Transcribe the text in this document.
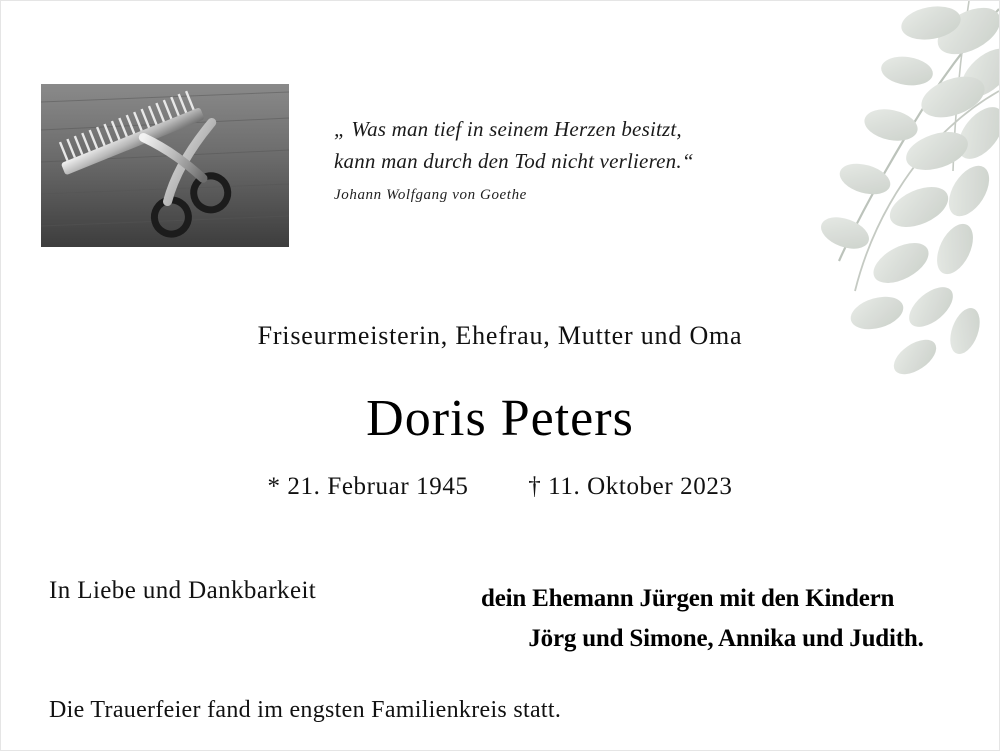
„ Was man tief in seinem Herzen besitzt,
kann man durch den Tod nicht verlieren.“
Johann Wolfgang von Goethe
Friseurmeisterin, Ehefrau, Mutter und Oma
Doris Peters
* 21. Februar 1945 † 11. Oktober 2023
In Liebe und Dankbarkeit	dein Ehemann Jürgen mit den Kindern
Jörg und Simone, Annika und Judith.
Die Trauerfeier fand im engsten Familienkreis statt.
